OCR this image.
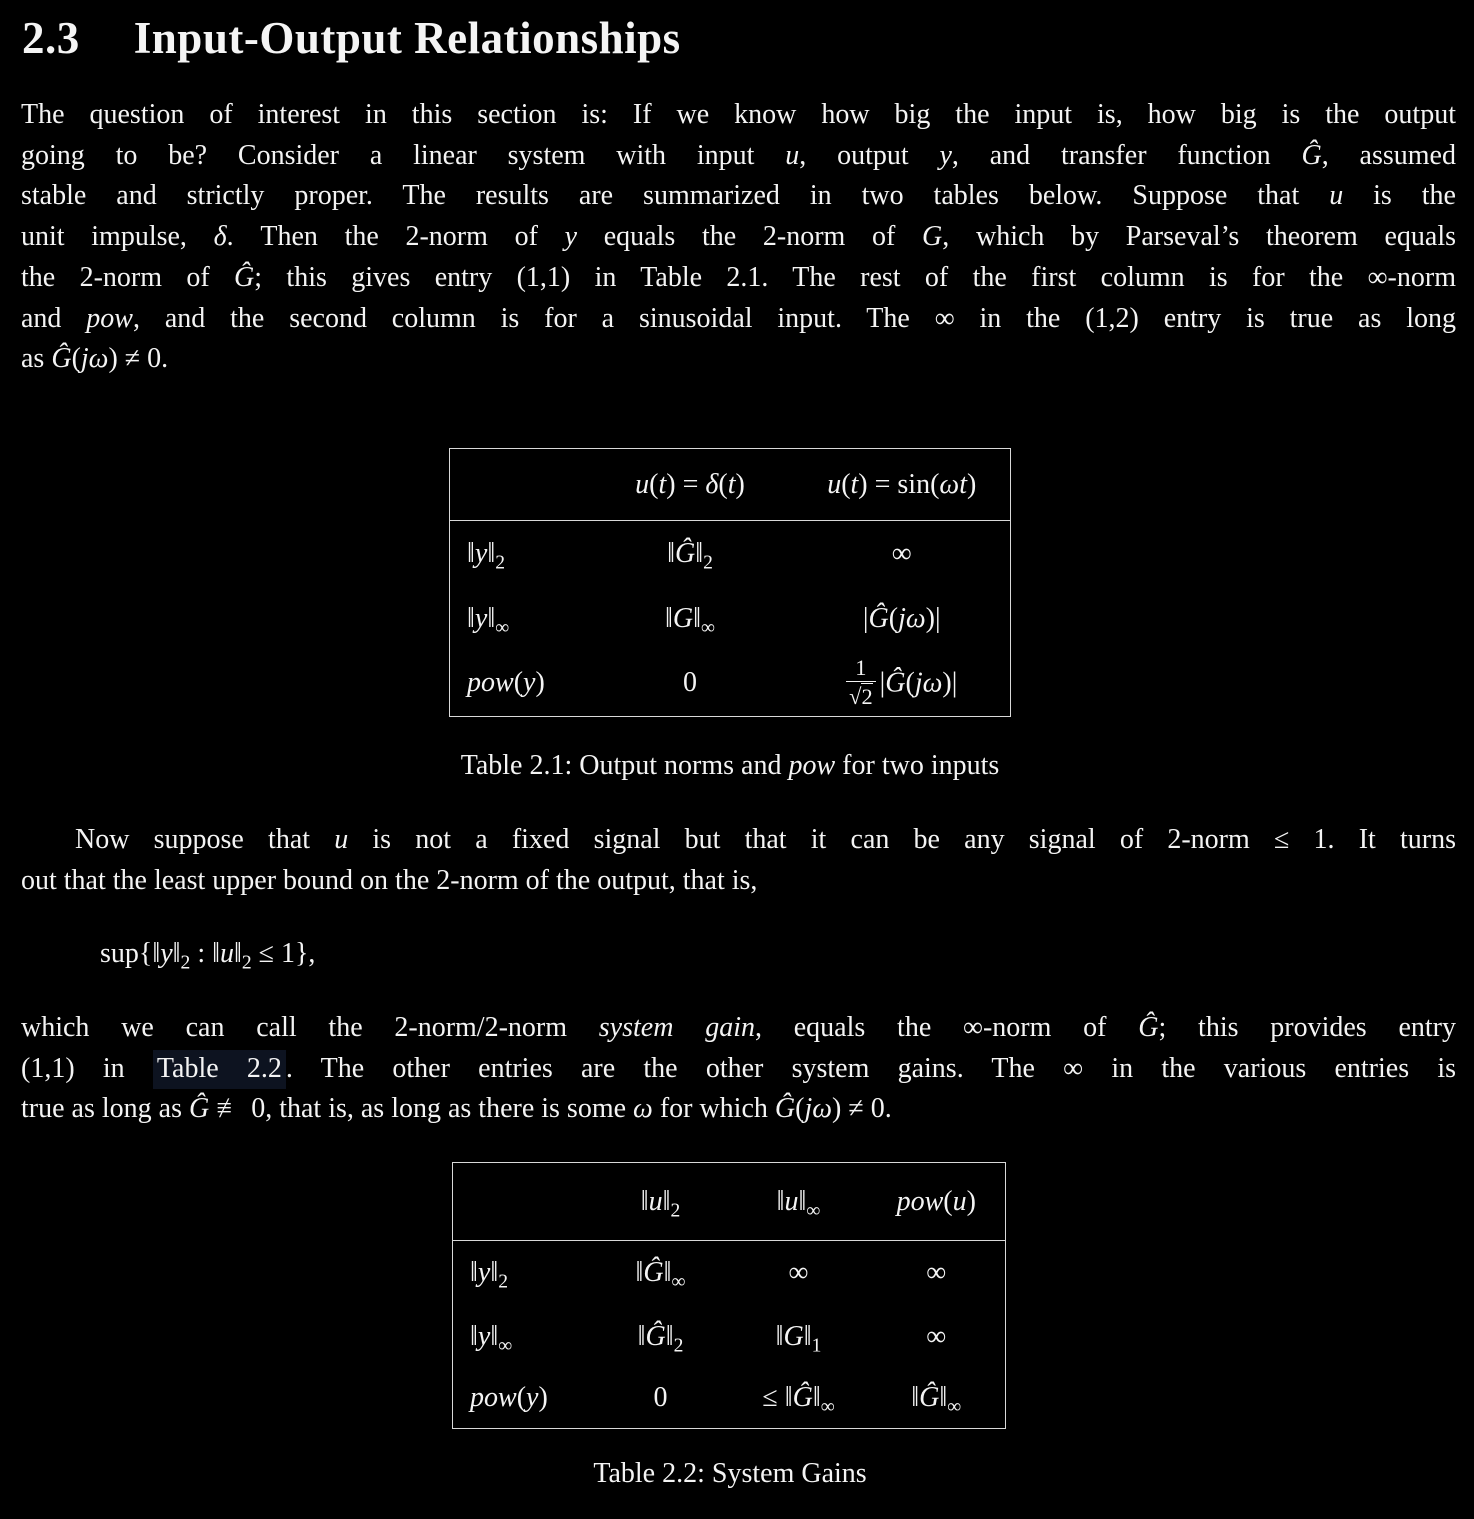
2.3 Input-Output Relationships
The question of interest in this section is: If we know how big the input is, how big is the output
going to be? Consider a linear system with input u, output y, and transfer function Ĝ, assumed
stable and strictly proper. The results are summarized in two tables below. Suppose that u is the
unit impulse, δ. Then the 2-norm of y equals the 2-norm of G, which by Parseval’s theorem equals
the 2-norm of Ĝ; this gives entry (1,1) in Table 2.1. The rest of the first column is for the ∞-norm
and pow, and the second column is for a sinusoidal input. The ∞ in the (1,2) entry is true as long
as Ĝ(jω) ≠ 0.
	u(t) = δ(t)	u(t) = sin(ωt)
$‖y‖_2$	$‖Ĝ‖_2$	∞
$‖y‖_\infty$	$‖G‖_\infty$	|Ĝ(jω)|
pow(y)	0	$\frac{1}{√2}$ |Ĝ(jω)|
Table 2.1: Output norms and pow for two inputs
Now suppose that u is not a fixed signal but that it can be any signal of 2-norm ≤ 1. It turns
out that the least upper bound on the 2-norm of the output, that is,
$sup\{‖y‖_2$ : $‖u‖_2 \le 1$},
which we can call the 2-norm/2-norm system gain, equals the ∞-norm of Ĝ; this provides entry
(1,1) in Table 2.2 . The other entries are the other system gains. The ∞ in the various entries is
true as long as Ĝ ≢ 0, that is, as long as there is some ω for which Ĝ(jω) ≠ 0.
	$‖u‖_2$	$‖u‖_\infty$	pow(u)
$‖y‖_2$	$‖Ĝ‖_\infty$	∞	∞
$‖y‖_\infty$	$‖Ĝ‖_2$	$‖G‖_1$	∞
pow(y)	0	≤ $‖Ĝ‖_\infty$	$‖Ĝ‖_\infty$
Table 2.2: System Gains
